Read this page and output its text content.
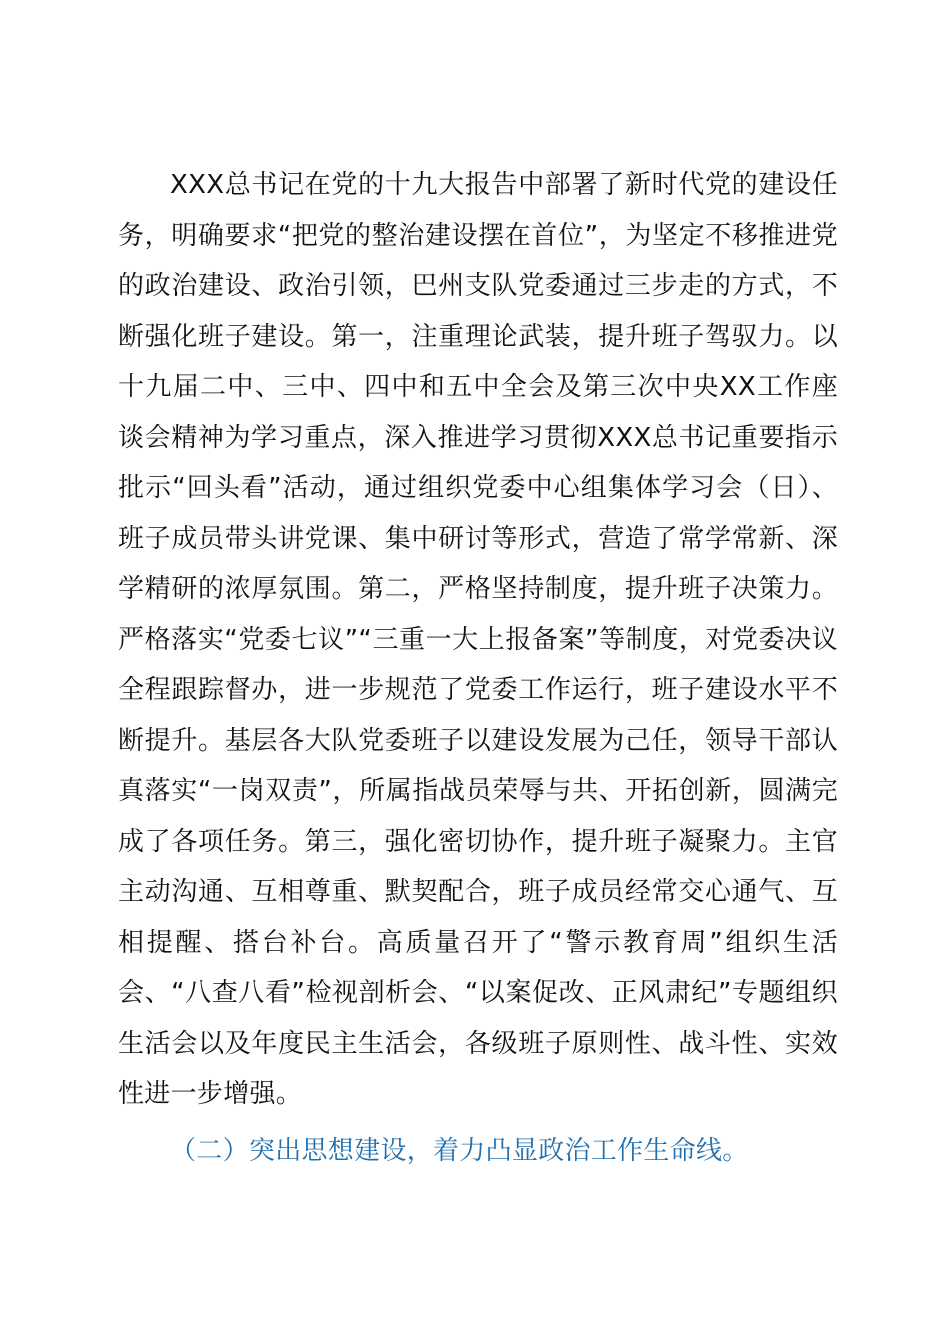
XXX总书记在党的十九大报告中部署了新时代党的建设任务，明确要求“把党的整治建设摆在首位”，为坚定不移推进党的政治建设、政治引领，巴州支队党委通过三步走的方式，不断强化班子建设。第一，注重理论武装，提升班子驾驭力。以十九届二中、三中、四中和五中全会及第三次中央XX工作座谈会精神为学习重点，深入推进学习贯彻XXX总书记重要指示批示“回头看”活动，通过组织党委中心组集体学习会（日）、班子成员带头讲党课、集中研讨等形式，营造了常学常新、深学精研的浓厚氛围。第二，严格坚持制度，提升班子决策力。严格落实“党委七议”“三重一大上报备案”等制度，对党委决议全程跟踪督办，进一步规范了党委工作运行，班子建设水平不断提升。基层各大队党委班子以建设发展为己任，领导干部认真落实“一岗双责”，所属指战员荣辱与共、开拓创新，圆满完成了各项任务。第三，强化密切协作，提升班子凝聚力。主官主动沟通、互相尊重、默契配合，班子成员经常交心通气、互相提醒、搭台补台。高质量召开了“警示教育周”组织生活会、“八查八看”检视剖析会、“以案促改、正风肃纪”专题组织生活会以及年度民主生活会，各级班子原则性、战斗性、实效性进一步增强。

（二）突出思想建设，着力凸显政治工作生命线。
